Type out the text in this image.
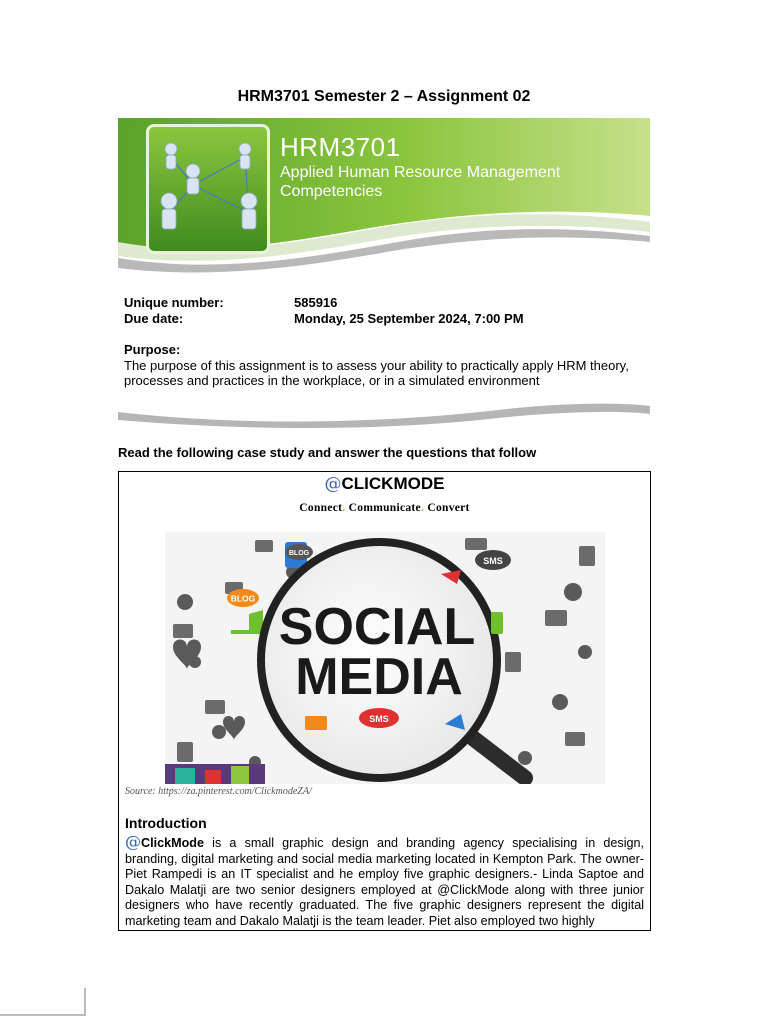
HRM3701 Semester 2 – Assignment 02
HRM3701
Applied Human Resource Management
Competencies
Unique number:	585916
Due date:	Monday, 25 September 2024, 7:00 PM
Purpose:
The purpose of this assignment is to assess your ability to practically apply HRM theory, processes and practices in the workplace, or in a simulated environment
Read the following case study and answer the questions that follow
@CLICKMODE
Connect. Communicate. Convert
BLOG
SMS
BLOG
SOCIAL
MEDIA
SMS
Source: https://za.pinterest.com/ClickmodeZA/
Introduction
@ClickMode is a small graphic design and branding agency specialising in design, branding, digital marketing and social media marketing located in Kempton Park. The owner- Piet Rampedi is an IT specialist and he employ five graphic designers.- Linda Saptoe and Dakalo Malatji are two senior designers employed at @ClickMode along with three junior designers who have recently graduated. The five graphic designers represent the digital marketing team and Dakalo Malatji is the team leader. Piet also employed two highly
